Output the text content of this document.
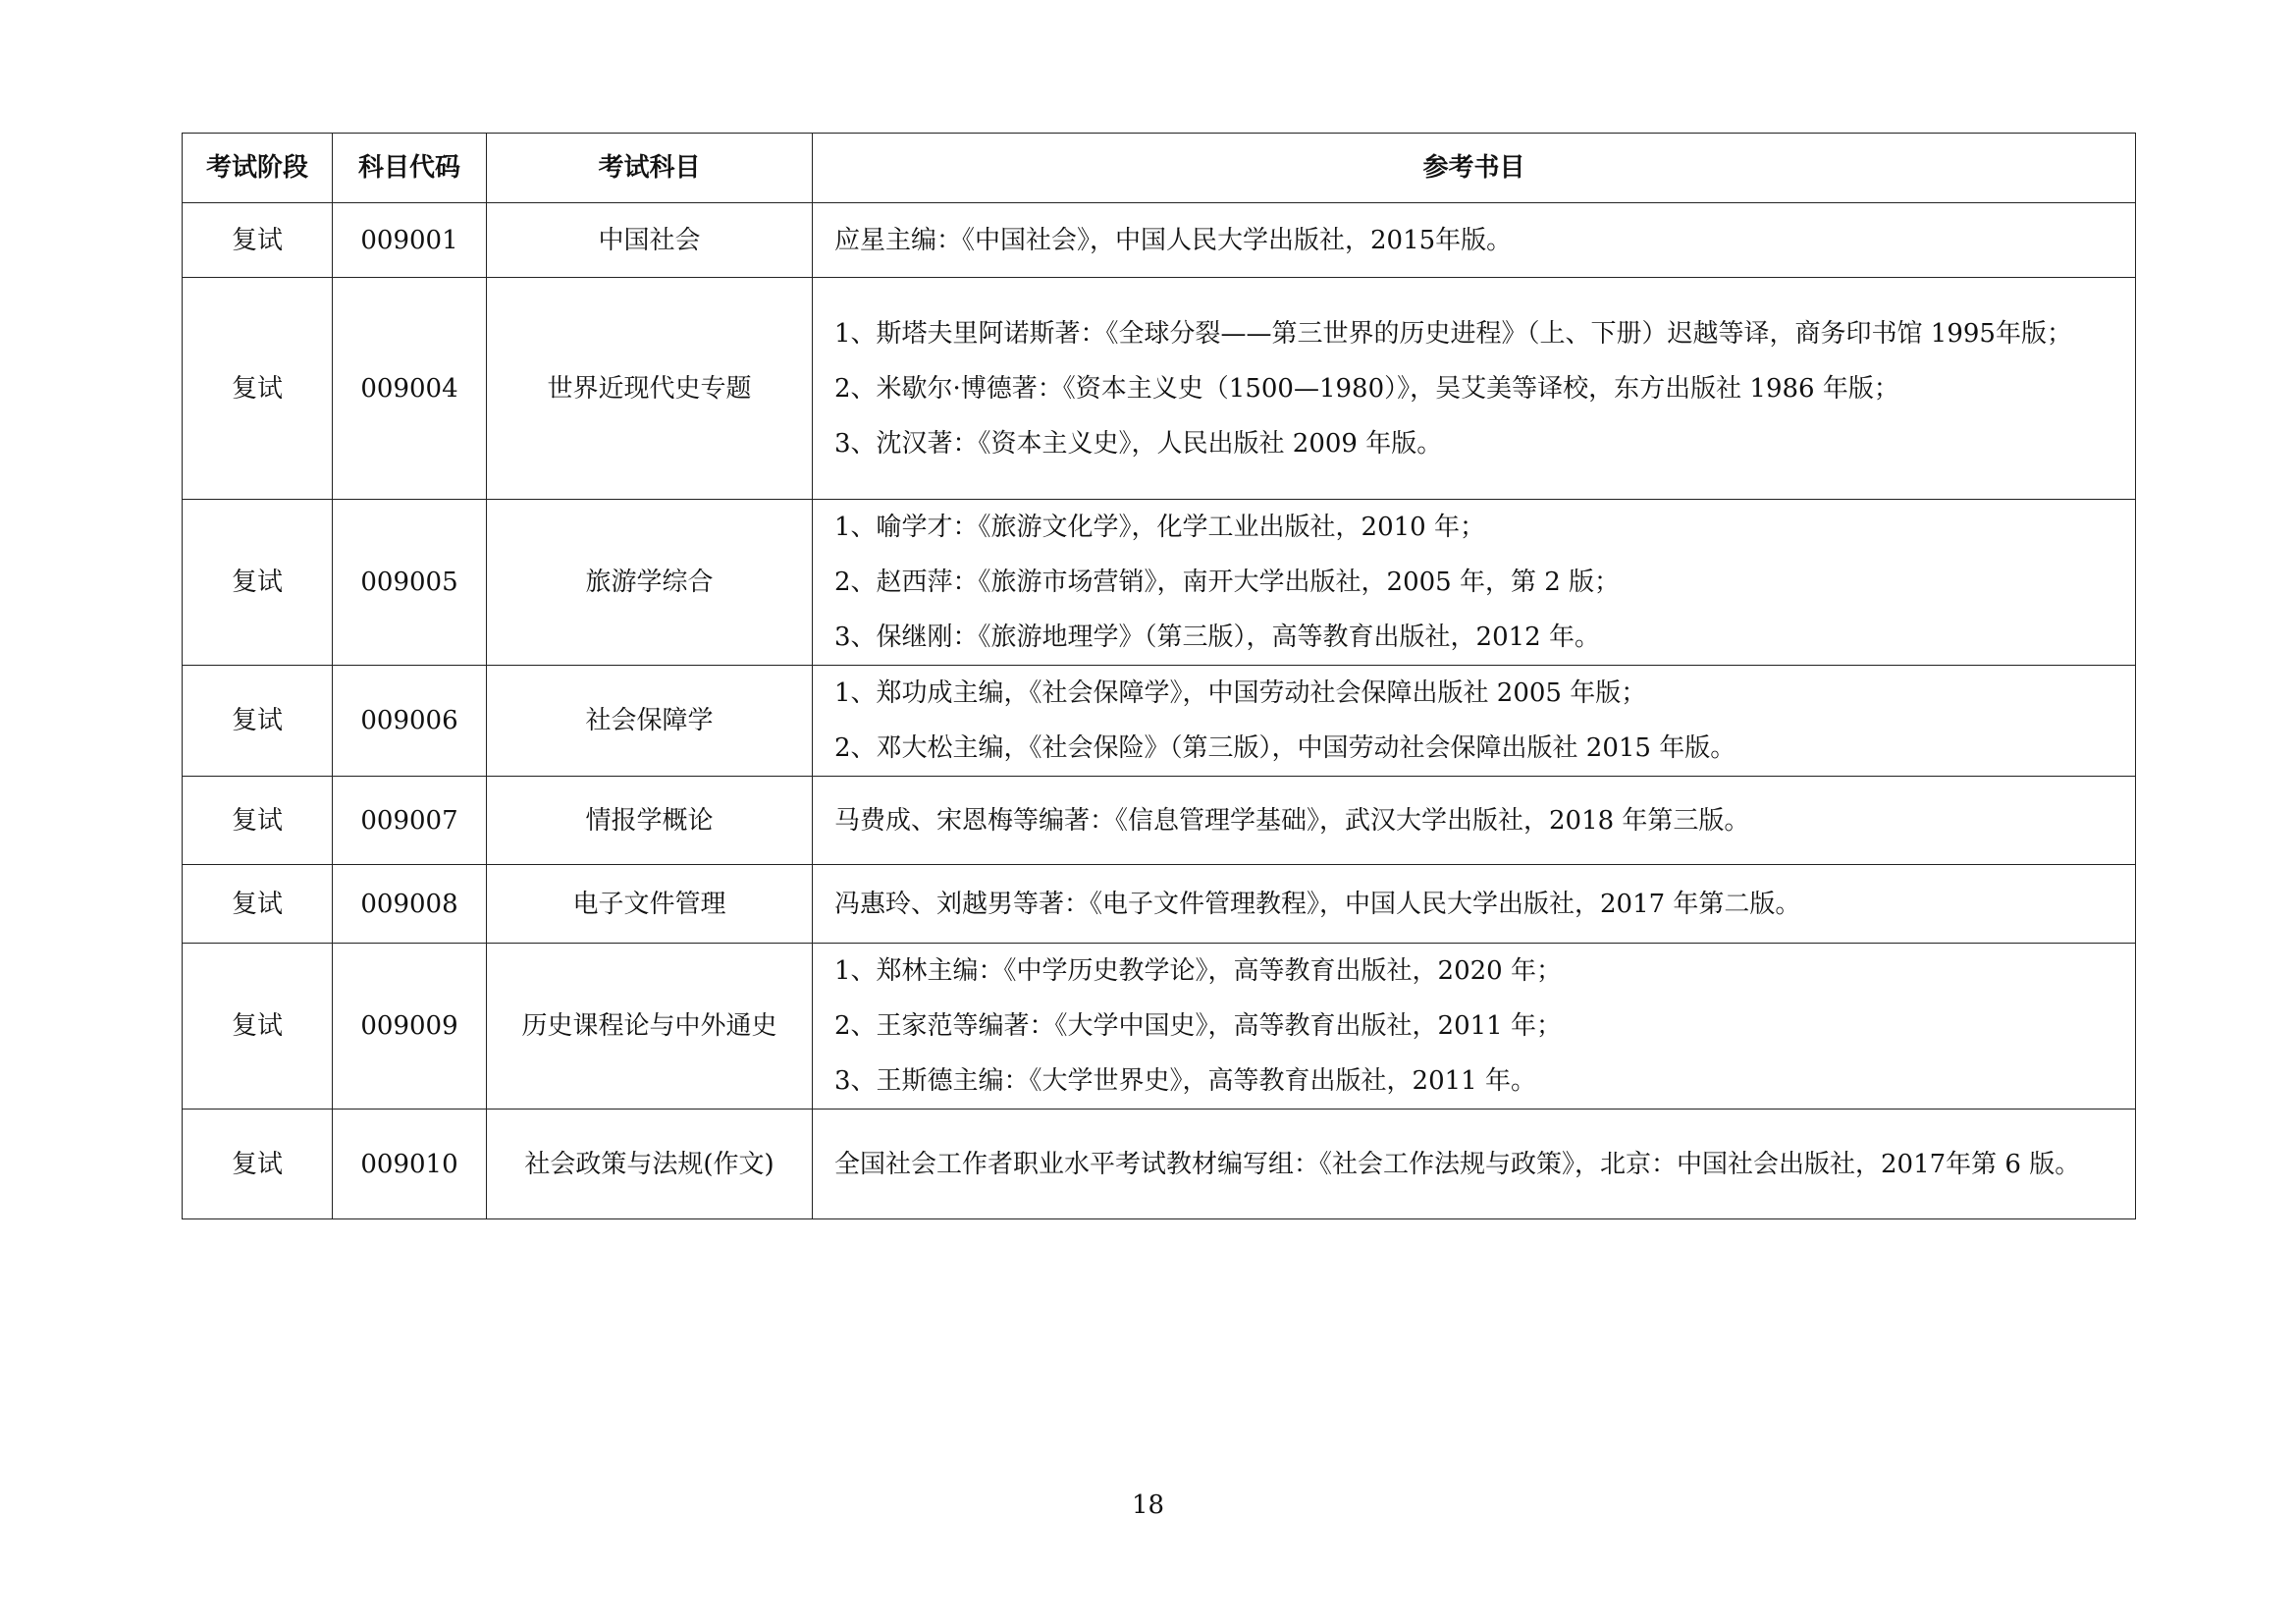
考试阶段	科目代码	考试科目	参考书目
复试	009001	中国社会	应星主编：《中国社会》，中国人民大学出版社，2015年版。

复试	009004	世界近现代史专题	1、斯塔夫里阿诺斯著：《全球分裂——第三世界的历史进程》（上、下册）迟越等译，商务印书馆 1995年版；
2、米歇尔·博德著：《资本主义史（1500—1980）》，吴艾美等译校，东方出版社 1986 年版；
3、沈汉著：《资本主义史》，人民出版社 2009 年版。

复试	009005	旅游学综合	1、喻学才：《旅游文化学》，化学工业出版社，2010 年；
2、赵西萍：《旅游市场营销》，南开大学出版社，2005 年，第 2 版；
3、保继刚：《旅游地理学》（第三版），高等教育出版社，2012 年。

复试	009006	社会保障学	1、郑功成主编，《社会保障学》，中国劳动社会保障出版社 2005 年版；
2、邓大松主编，《社会保险》（第三版），中国劳动社会保障出版社 2015 年版。

复试	009007	情报学概论	马费成、宋恩梅等编著：《信息管理学基础》，武汉大学出版社，2018 年第三版。

复试	009008	电子文件管理	冯惠玲、刘越男等著：《电子文件管理教程》，中国人民大学出版社，2017 年第二版。

复试	009009	历史课程论与中外通史	1、郑林主编：《中学历史教学论》，高等教育出版社，2020 年；
2、王家范等编著：《大学中国史》，高等教育出版社，2011 年；
3、王斯德主编：《大学世界史》，高等教育出版社，2011 年。

复试	009010	社会政策与法规(作文)	全国社会工作者职业水平考试教材编写组：《社会工作法规与政策》，北京：中国社会出版社，2017年第 6 版。
18
